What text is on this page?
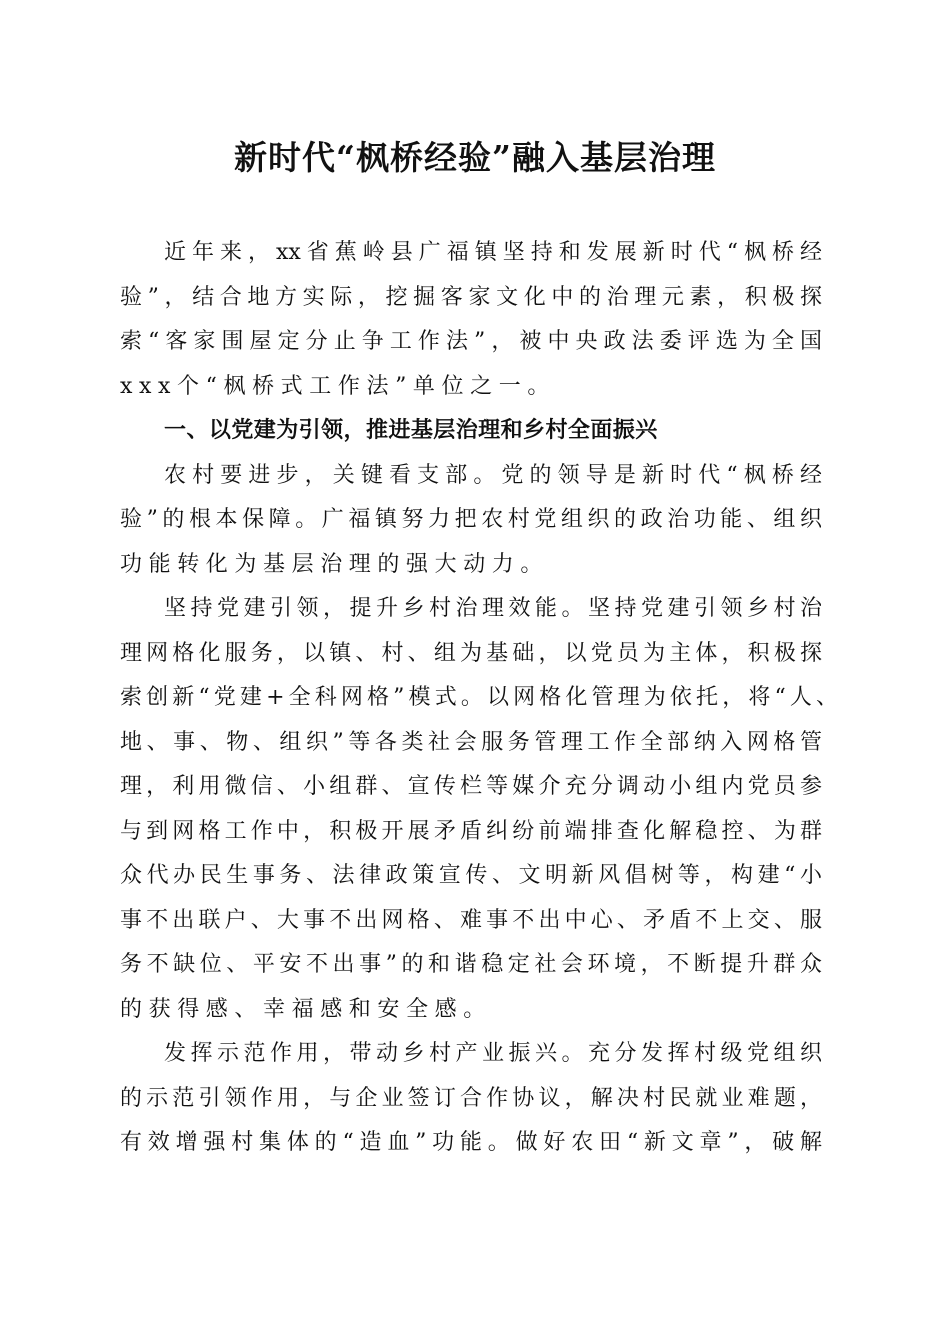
新时代“枫桥经验”融入基层治理
近年来，xx省蕉岭县广福镇坚持和发展新时代“枫桥经
验”，结合地方实际，挖掘客家文化中的治理元素，积极探
索“客家围屋定分止争工作法”，被中央政法委评选为全国
xxx个“枫桥式工作法”单位之一。
一、以党建为引领，推进基层治理和乡村全面振兴
农村要进步，关键看支部。党的领导是新时代“枫桥经
验”的根本保障。广福镇努力把农村党组织的政治功能、组织
功能转化为基层治理的强大动力。
坚持党建引领，提升乡村治理效能。坚持党建引领乡村治
理网格化服务，以镇、村、组为基础，以党员为主体，积极探
索创新“党建+全科网格”模式。以网格化管理为依托，将“人、
地、事、物、组织”等各类社会服务管理工作全部纳入网格管
理，利用微信、小组群、宣传栏等媒介充分调动小组内党员参
与到网格工作中，积极开展矛盾纠纷前端排查化解稳控、为群
众代办民生事务、法律政策宣传、文明新风倡树等，构建“小
事不出联户、大事不出网格、难事不出中心、矛盾不上交、服
务不缺位、平安不出事”的和谐稳定社会环境，不断提升群众
的获得感、幸福感和安全感。
发挥示范作用，带动乡村产业振兴。充分发挥村级党组织
的示范引领作用，与企业签订合作协议，解决村民就业难题，
有效增强村集体的“造血”功能。做好农田“新文章”，破解
